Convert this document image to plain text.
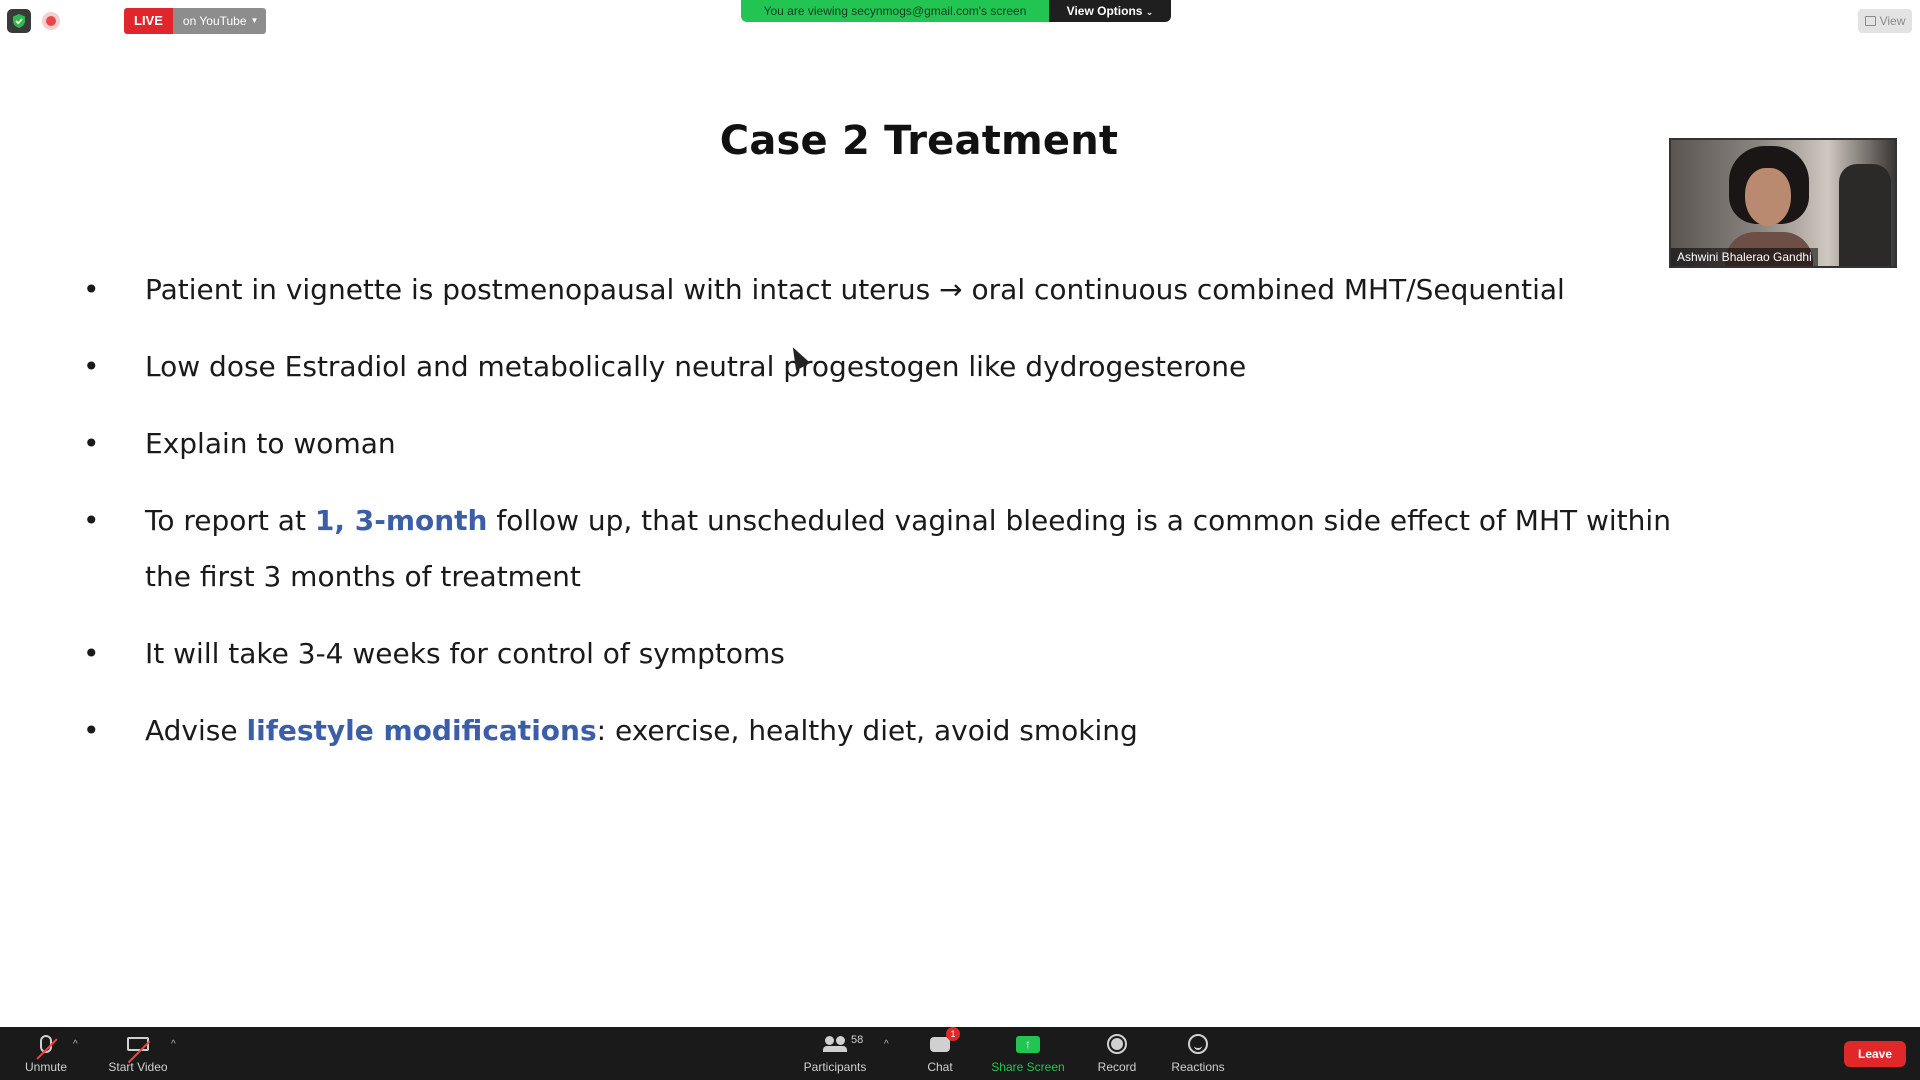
LIVE	on YouTube ▼
You are viewing secynmogs@gmail.com's screen	View Options ⌄
View
Case 2 Treatment
• Patient in vignette is postmenopausal with intact uterus → oral continuous combined MHT/Sequential
• Low dose Estradiol and metabolically neutral progestogen like dydrogesterone
• Explain to woman
• To report at 1, 3-month follow up, that unscheduled vaginal bleeding is a common side effect of MHT within the first 3 months of treatment
• It will take 3-4 weeks for control of symptoms
• Advise lifestyle modifications: exercise, healthy diet, avoid smoking
Ashwini Bhalerao Gandhi
Unmute
^
Start Video
^	58
Participants
^
1
Chat
↑
Share Screen	Record	Reactions
Leave
